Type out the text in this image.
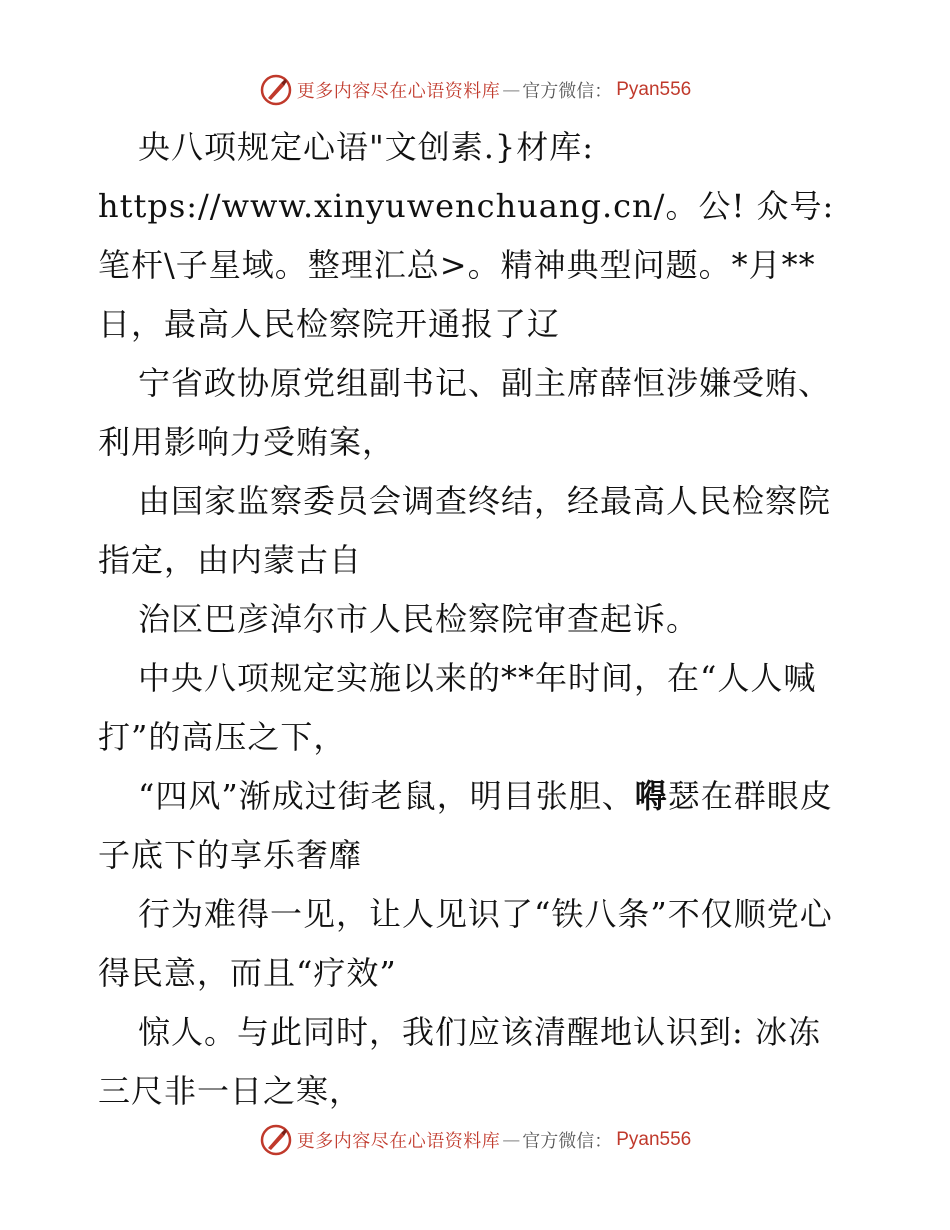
更多内容尽在心语资料库 — 官方微信： Pyan556

央八项规定心语"文创素.}材库: https://www.xinyuwenchuang.cn/。公! 众号: 笔杆\子星域。整理汇总>。精神典型问题。*月**日，最高人民检察院开通报了辽

宁省政协原党组副书记、副主席薛恒涉嫌受贿、利用影响力受贿案，

由国家监察委员会调查终结，经最高人民检察院指定，由内蒙古自

治区巴彦淖尔市人民检察院审查起诉。

中央八项规定实施以来的**年时间，在“人人喊打”的高压之下，

“四风”渐成过街老鼠，明目张胆、嘚瑟在群眼皮子底下的享乐奢靡

行为难得一见，让人见识了“铁八条”不仅顺党心得民意，而且“疗效”

惊人。与此同时，我们应该清醒地认识到: 冰冻三尺非一日之寒，

更多内容尽在心语资料库 — 官方微信： Pyan556
